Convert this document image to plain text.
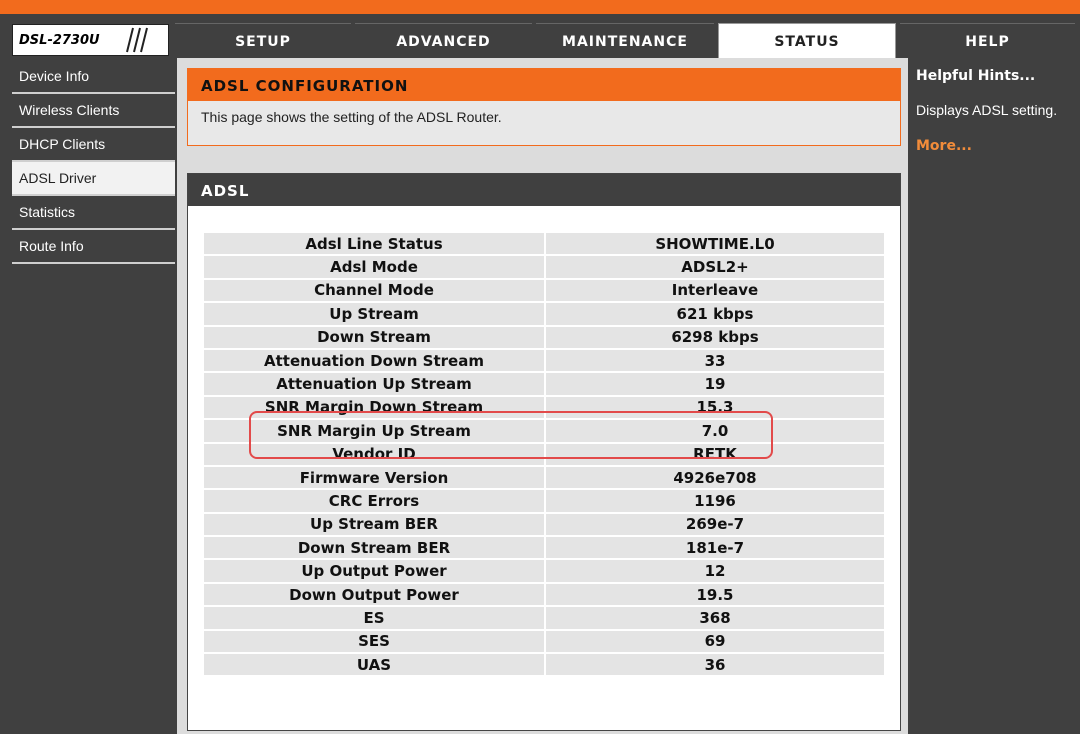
DSL-2730U	SETUP	ADVANCED	MAINTENANCE	STATUS	HELP
Device Info
Wireless Clients
DHCP Clients
ADSL Driver
Statistics
Route Info
ADSL CONFIGURATION
This page shows the setting of the ADSL Router.
ADSL
Adsl Line Status	SHOWTIME.L0
Adsl Mode	ADSL2+
Channel Mode	Interleave
Up Stream	621 kbps
Down Stream	6298 kbps
Attenuation Down Stream	33
Attenuation Up Stream	19
SNR Margin Down Stream	15.3
SNR Margin Up Stream	7.0
Vendor ID	RETK
Firmware Version	4926e708
CRC Errors	1196
Up Stream BER	269e-7
Down Stream BER	181e-7
Up Output Power	12
Down Output Power	19.5
ES	368
SES	69
UAS	36
Helpful Hints...
Displays ADSL setting.
More...
